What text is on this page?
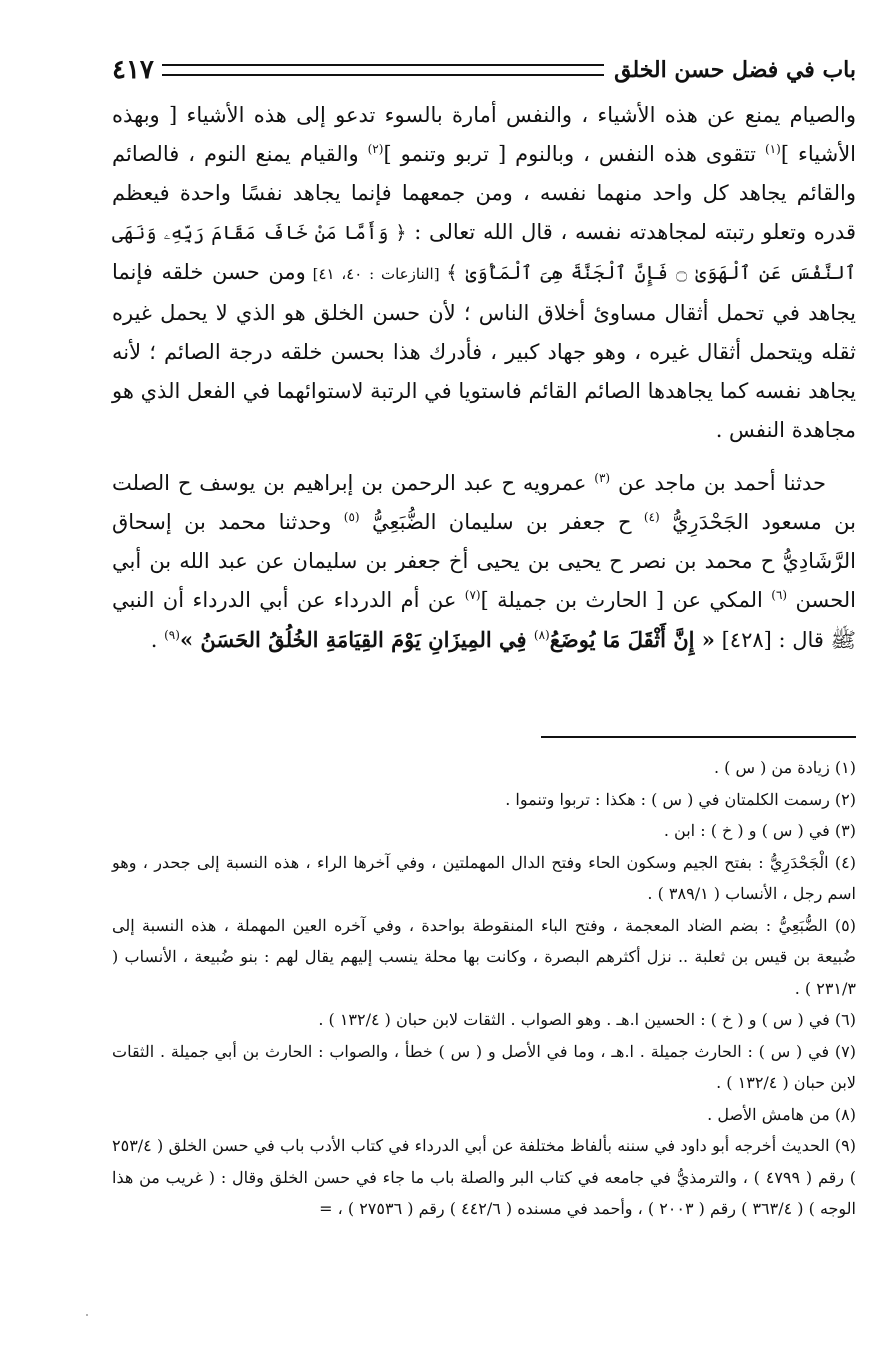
باب في فضل حسن الخلق
٤١٧

والصيام يمنع عن هذه الأشياء ، والنفس أمارة بالسوء تدعو إلى هذه الأشياء [ وبهذه الأشياء ]$^{(١)}$ تتقوى هذه النفس ، وبالنوم [ تربو وتنمو ]$^{(٢)}$ والقيام يمنع النوم ، فالصائم والقائم يجاهد كل واحد منهما نفسه ، ومن جمعهما فإنما يجاهد نفسًا واحدة فيعظم قدره وتعلو رتبته لمجاهدته نفسه ، قال الله تعالى : ﴿ وَأَمَّا مَنْ خَافَ مَقَامَ رَبِّهِۦ وَنَهَى ٱلنَّفْسَ عَنِ ٱلْهَوَىٰ ۝ فَإِنَّ ٱلْجَنَّةَ هِىَ ٱلْمَأْوَىٰ ﴾ [النازعات : ٤٠، ٤١] ومن حسن خلقه فإنما يجاهد في تحمل أثقال مساوئ أخلاق الناس ؛ لأن حسن الخلق هو الذي لا يحمل غيره ثقله ويتحمل أثقال غيره ، وهو جهاد كبير ، فأدرك هذا بحسن خلقه درجة الصائم ؛ لأنه يجاهد نفسه كما يجاهدها الصائم القائم فاستويا في الرتبة لاستوائهما في الفعل الذي هو مجاهدة النفس .

حدثنا أحمد بن ماجد عن $^{(٣)}$ عمرويه ح عبد الرحمن بن إبراهيم بن يوسف ح الصلت بن مسعود الجَحْدَرِيُّ $^{(٤)}$ ح جعفر بن سليمان الضُّبَعِيُّ $^{(٥)}$ وحدثنا محمد بن إسحاق الرَّشَادِيُّ ح محمد بن نصر ح يحيى بن يحيى أخ جعفر بن سليمان عن عبد الله بن أبي الحسن $^{(٦)}$ المكي عن [ الحارث بن جميلة ]$^{(٧)}$ عن أم الدرداء عن أبي الدرداء أن النبي ﷺ قال : [٤٢٨] « إِنَّ أَثْقَلَ مَا يُوضَعُ$^{(٨)}$ فِي المِيزَانِ يَوْمَ القِيَامَةِ الخُلُقُ الحَسَنُ »$^{(٩)}$ .

(١) زيادة من ( س ) .

(٢) رسمت الكلمتان في ( س ) : هكذا : تربوا وتنموا .

(٣) في ( س ) و ( خ ) : ابن .

(٤) الْجَحْدَرِيُّ : بفتح الجيم وسكون الحاء وفتح الدال المهملتين ، وفي آخرها الراء ، هذه النسبة إلى جحدر ، وهو اسم رجل ، الأنساب ( ٣٨٩/١ ) .

(٥) الضُّبَعِيُّ : بضم الضاد المعجمة ، وفتح الباء المنقوطة بواحدة ، وفي آخره العين المهملة ، هذه النسبة إلى ضُبيعة بن قيس بن ثعلبة .. نزل أكثرهم البصرة ، وكانت بها محلة ينسب إليهم يقال لهم : بنو ضُبيعة ، الأنساب ( ٢٣١/٣ ) .

(٦) في ( س ) و ( خ ) : الحسين ا.هـ . وهو الصواب . الثقات لابن حبان ( ١٣٢/٤ ) .

(٧) في ( س ) : الحارث جميلة . ا.هـ ، وما في الأصل و ( س ) خطأ ، والصواب : الحارث بن أبي جميلة . الثقات لابن حبان ( ١٣٢/٤ ) .

(٨) من هامش الأصل .

(٩) الحديث أخرجه أبو داود في سننه بألفاظ مختلفة عن أبي الدرداء في كتاب الأدب باب في حسن الخلق ( ٢٥٣/٤ ) رقم ( ٤٧٩٩ ) ، والترمذيُّ في جامعه في كتاب البر والصلة باب ما جاء في حسن الخلق وقال : ( غريب من هذا الوجه ) ( ٣٦٣/٤ ) رقم ( ٢٠٠٣ ) ، وأحمد في مسنده ( ٤٤٢/٦ ) رقم ( ٢٧٥٣٦ ) ، =
